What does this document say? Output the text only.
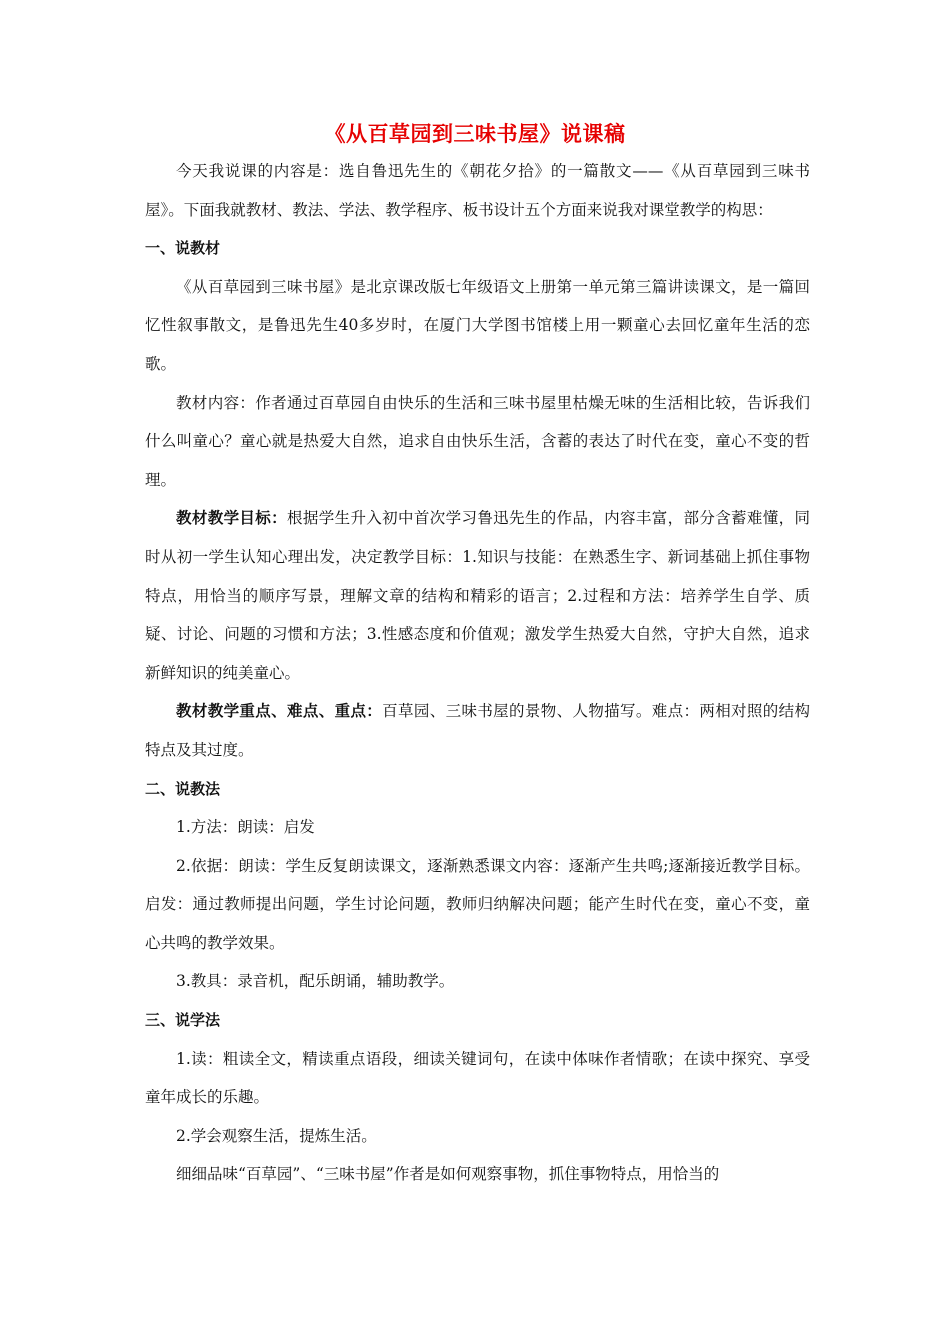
《从百草园到三味书屋》说课稿

今天我说课的内容是：选自鲁迅先生的《朝花夕拾》的一篇散文——《从百草园到三味书屋》。下面我就教材、教法、学法、教学程序、板书设计五个方面来说我对课堂教学的构思：

一、说教材

《从百草园到三味书屋》是北京课改版七年级语文上册第一单元第三篇讲读课文，是一篇回忆性叙事散文，是鲁迅先生40多岁时，在厦门大学图书馆楼上用一颗童心去回忆童年生活的恋歌。

教材内容：作者通过百草园自由快乐的生活和三味书屋里枯燥无味的生活相比较，告诉我们什么叫童心？童心就是热爱大自然，追求自由快乐生活，含蓄的表达了时代在变，童心不变的哲理。

教材教学目标：根据学生升入初中首次学习鲁迅先生的作品，内容丰富，部分含蓄难懂，同时从初一学生认知心理出发，决定教学目标：1.知识与技能：在熟悉生字、新词基础上抓住事物特点，用恰当的顺序写景，理解文章的结构和精彩的语言；2.过程和方法：培养学生自学、质疑、讨论、问题的习惯和方法；3.性感态度和价值观；激发学生热爱大自然，守护大自然，追求新鲜知识的纯美童心。

教材教学重点、难点、重点：百草园、三味书屋的景物、人物描写。难点：两相对照的结构特点及其过度。

二、说教法

1.方法：朗读：启发

2.依据：朗读：学生反复朗读课文，逐渐熟悉课文内容：逐渐产生共鸣;逐渐接近教学目标。启发：通过教师提出问题，学生讨论问题，教师归纳解决问题；能产生时代在变，童心不变，童心共鸣的教学效果。

3.教具：录音机，配乐朗诵，辅助教学。

三、说学法

1.读：粗读全文，精读重点语段，细读关键词句，在读中体味作者情歌；在读中探究、享受童年成长的乐趣。

2.学会观察生活，提炼生活。

细细品味“百草园”、“三味书屋”作者是如何观察事物，抓住事物特点，用恰当的
